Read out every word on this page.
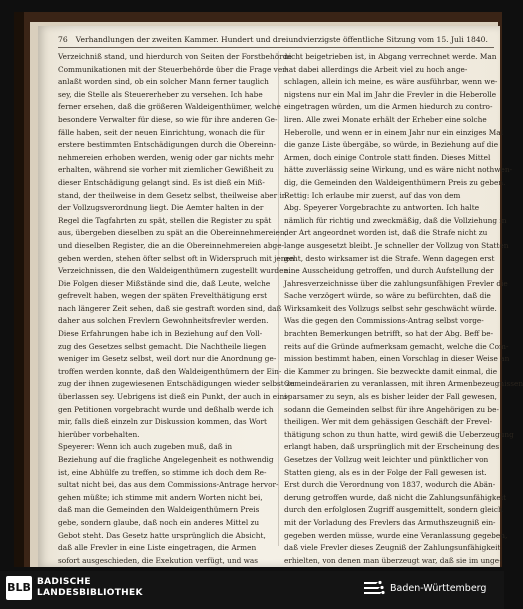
76 Verhandlungen der zweiten Kammer. Hundert und dreiundvierzigste öffentliche Sitzung vom 15. Juli 1840.
Verzeichniß stand, und hierdurch von Seiten der Forstbehörde
Communikationen mit der Steuerbehörde über die Frage ver-
anlaßt worden sind, ob ein solcher Mann ferner tauglich
sey, die Stelle als Steuererheber zu versehen. Ich habe
ferner ersehen, daß die größeren Waldeigenthümer, welche
besondere Verwalter für diese, so wie für ihre anderen Ge-
fälle haben, seit der neuen Einrichtung, wonach die für
erstere bestimmten Entschädigungen durch die Obereinn-
nehmereien erhoben werden, wenig oder gar nichts mehr
erhalten, während sie vorher mit ziemlicher Gewißheit zu
dieser Entschädigung gelangt sind. Es ist dieß ein Miß-
stand, der theilweise in dem Gesetz selbst, theilweise aber in
der Vollzugsverordnung liegt. Die Aemter halten in der
Regel die Tagfahrten zu spät, stellen die Register zu spät
aus, übergeben dieselben zu spät an die Obereinnehmereien,
und dieselben Register, die an die Obereinnehmereien abge-
geben werden, stehen öfter selbst oft in Widerspruch mit jenen
Verzeichnissen, die den Waldeigenthümern zugestellt wurden.
Die Folgen dieser Mißstände sind die, daß Leute, welche
gefrevelt haben, wegen der späten Frevelthätigung erst
nach längerer Zeit sehen, daß sie gestraft worden sind, daß
daher aus solchen Frevlern Gewohnheitsfrevler werden.
Diese Erfahrungen habe ich in Beziehung auf den Voll-
zug des Gesetzes selbst gemacht. Die Nachtheile liegen
weniger im Gesetz selbst, weil dort nur die Anordnung ge-
troffen werden konnte, daß den Waldeigenthümern der Ein-
zug der ihnen zugewiesenen Entschädigungen wieder selbst zu
überlassen sey. Uebrigens ist dieß ein Punkt, der auch in eini-
gen Petitionen vorgebracht wurde und deßhalb werde ich
mir, falls dieß einzeln zur Diskussion kommen, das Wort
hierüber vorbehalten.
Speyerer: Wenn ich auch zugeben muß, daß in
Beziehung auf die fragliche Angelegenheit es nothwendig
ist, eine Abhülfe zu treffen, so stimme ich doch dem Re-
sultat nicht bei, das aus dem Commissions-Antrage hervor-
gehen müßte; ich stimme mit andern Worten nicht bei,
daß man die Gemeinden den Waldeigenthümern Preis
gebe, sondern glaube, daß noch ein anderes Mittel zu
Gebot steht. Das Gesetz hatte ursprünglich die Absicht,
daß alle Frevler in eine Liste eingetragen, die Armen
sofort ausgeschieden, die Exekution verfügt, und was
nicht beigetrieben ist, in Abgang verrechnet werde. Man
hat dabei allerdings die Arbeit viel zu hoch ange-
schlagen, allein ich meine, es wäre ausführbar, wenn we-
nigstens nur ein Mal im Jahr die Frevler in die Heberolle
eingetragen würden, um die Armen hiedurch zu contro-
liren. Alle zwei Monate erhält der Erheber eine solche
Heberolle, und wenn er in einem Jahr nur ein einziges Mal
die ganze Liste übergäbe, so würde, in Beziehung auf die
Armen, doch einige Controle statt finden. Dieses Mittel
hätte zuverlässig seine Wirkung, und es wäre nicht nothwen-
dig, die Gemeinden den Waldeigenthümern Preis zu geben.
Rettig: Ich erlaube mir zuerst, auf das von dem
Abg. Speyerer Vorgebrachte zu antworten. Ich halte
nämlich für richtig und zweckmäßig, daß die Vollziehung in
der Art angeordnet worden ist, daß die Strafe nicht zu
lange ausgesetzt bleibt. Je schneller der Vollzug von Statten
geht, desto wirksamer ist die Strafe. Wenn dagegen erst
eine Ausscheidung getroffen, und durch Aufstellung der
Jahresverzeichnisse über die zahlungsunfähigen Frevler die
Sache verzögert würde, so wäre zu befürchten, daß die
Wirksamkeit des Vollzugs selbst sehr geschwächt würde.
Was die gegen den Commissions-Antrag selbst vorge-
brachten Bemerkungen betrifft, so hat der Abg. Beff be-
reits auf die Gründe aufmerksam gemacht, welche die Com-
mission bestimmt haben, einen Vorschlag in dieser Weise an
die Kammer zu bringen. Sie bezweckte damit einmal, die
Gemeindeärarien zu veranlassen, mit ihren Armenbezeugnissen
sparsamer zu seyn, als es bisher leider der Fall gewesen,
sodann die Gemeinden selbst für ihre Angehörigen zu be-
theiligen. Wer mit dem gehässigen Geschäft der Frevel-
thätigung schon zu thun hatte, wird gewiß die Ueberzeugung
erlangt haben, daß ursprünglich mit der Erscheinung des
Gesetzes der Vollzug weit leichter und pünktlicher von
Statten gieng, als es in der Folge der Fall gewesen ist.
Erst durch die Verordnung von 1837, wodurch die Abän-
derung getroffen wurde, daß nicht die Zahlungsunfähigkeit
durch den erfolglosen Zugriff ausgemittelt, sondern gleich
mit der Vorladung des Frevlers das Armuthszeugniß ein-
gegeben werden müsse, wurde eine Veranlassung gegeben,
daß viele Frevler dieses Zeugniß der Zahlungsunfähigkeit
erhielten, von denen man überzeugt war, daß sie im unge-
BLB BADISCHE
LANDESBIBLIOTHEK	Baden-Württemberg
